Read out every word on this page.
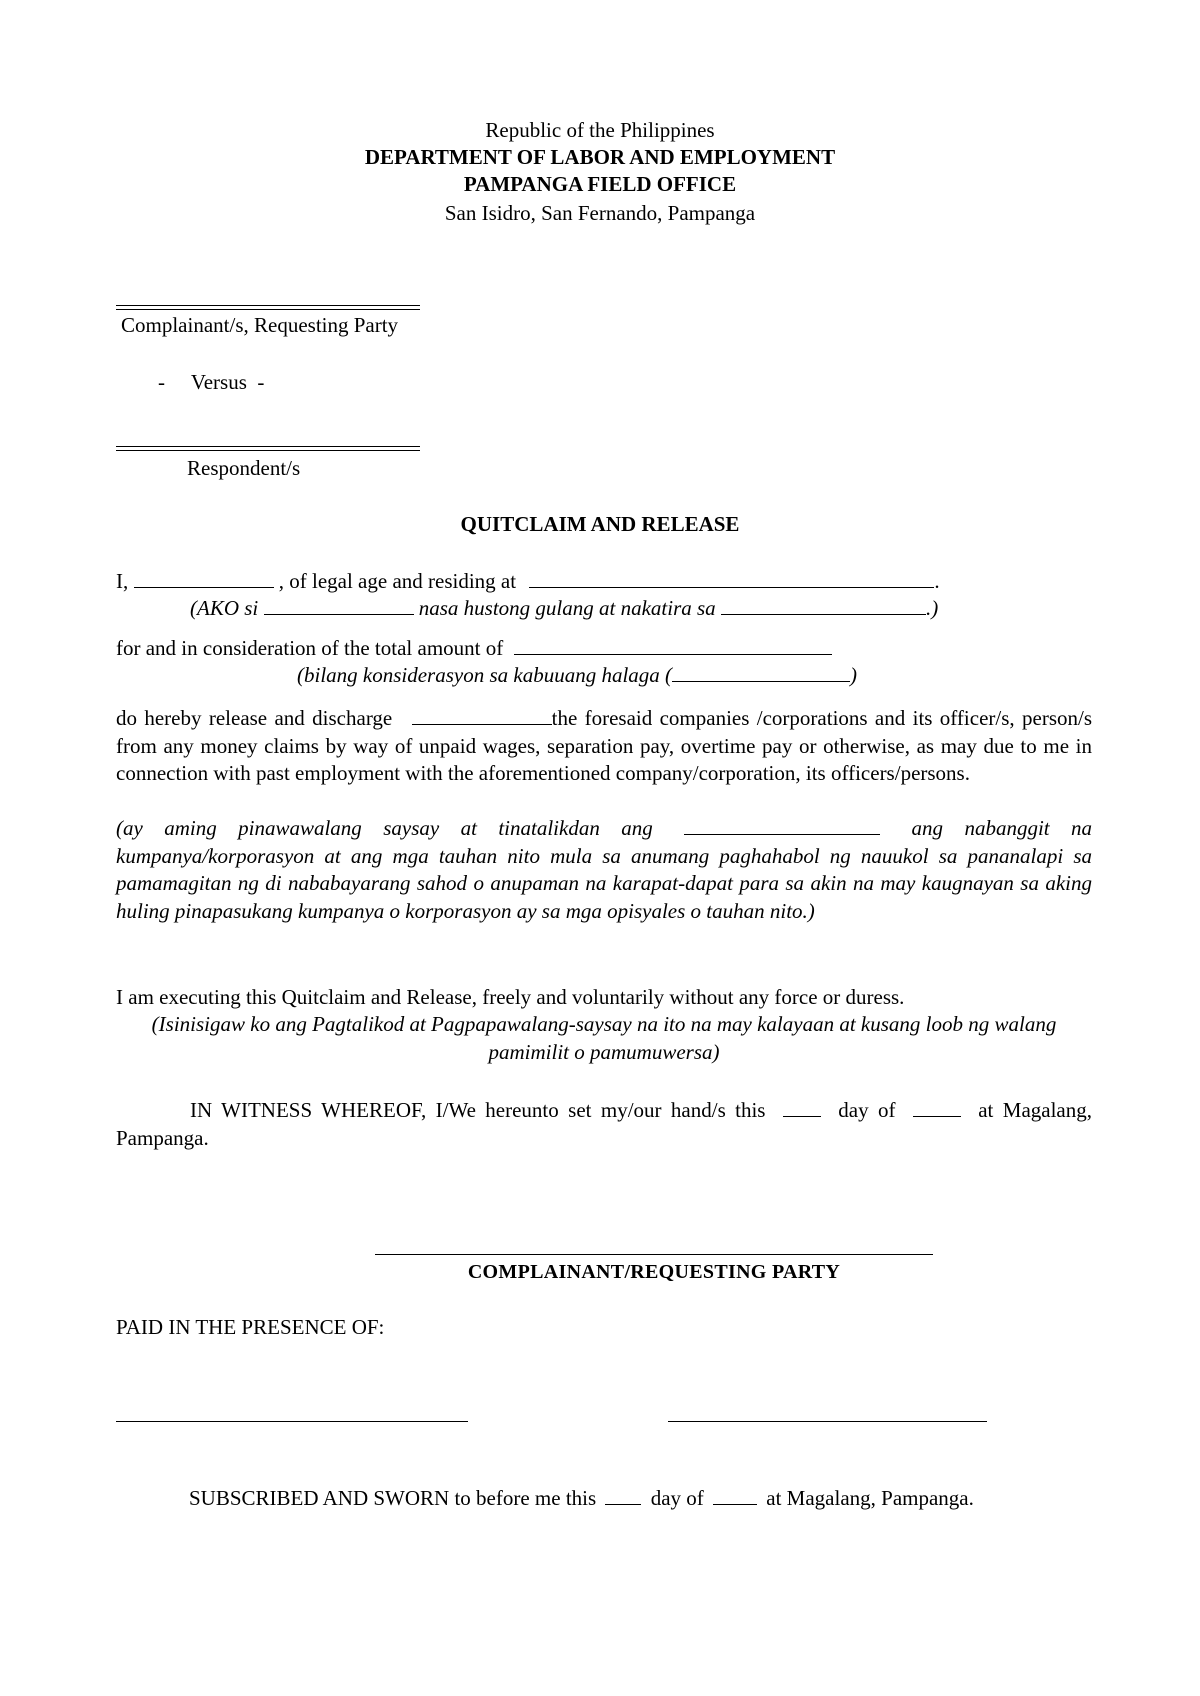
Republic of the Philippines
DEPARTMENT OF LABOR AND EMPLOYMENT
PAMPANGA FIELD OFFICE
San Isidro, San Fernando, Pampanga
Complainant/s, Requesting Party
-     Versus  -
Respondent/s
QUITCLAIM AND RELEASE
I,	, of legal age and residing at	.
(AKO si	nasa hustong gulang at nakatira sa	.)
for and in consideration of the total amount of
(bilang konsiderasyon sa kabuuang halaga (	)
do hereby release and discharge	the foresaid companies /corporations and its officer/s, person/s from any money claims by way of unpaid wages, separation pay, overtime pay or otherwise, as may due to me in connection with past employment with the aforementioned company/corporation, its officers/persons.
(ay aming pinawawalang saysay at tinatalikdan ang	ang nabanggit na kumpanya/korporasyon at ang mga tauhan nito mula sa anumang paghahabol ng nauukol sa pananalapi sa pamamagitan ng di nababayarang sahod o anupaman na karapat-dapat para sa akin na may kaugnayan sa aking huling pinapasukang kumpanya o korporasyon ay sa mga opisyales o tauhan nito.)
I am executing this Quitclaim and Release, freely and voluntarily without any force or duress.
(Isinisigaw ko ang Pagtalikod at Pagpapawalang-saysay na ito na may kalayaan at kusang loob ng walang pamimilit o pamumuwersa)
IN WITNESS WHEREOF, I/We hereunto set my/our hand/s this	day of	at Magalang, Pampanga.
COMPLAINANT/REQUESTING PARTY
PAID IN THE PRESENCE OF:
SUBSCRIBED AND SWORN to before me this	day of	at Magalang, Pampanga.
